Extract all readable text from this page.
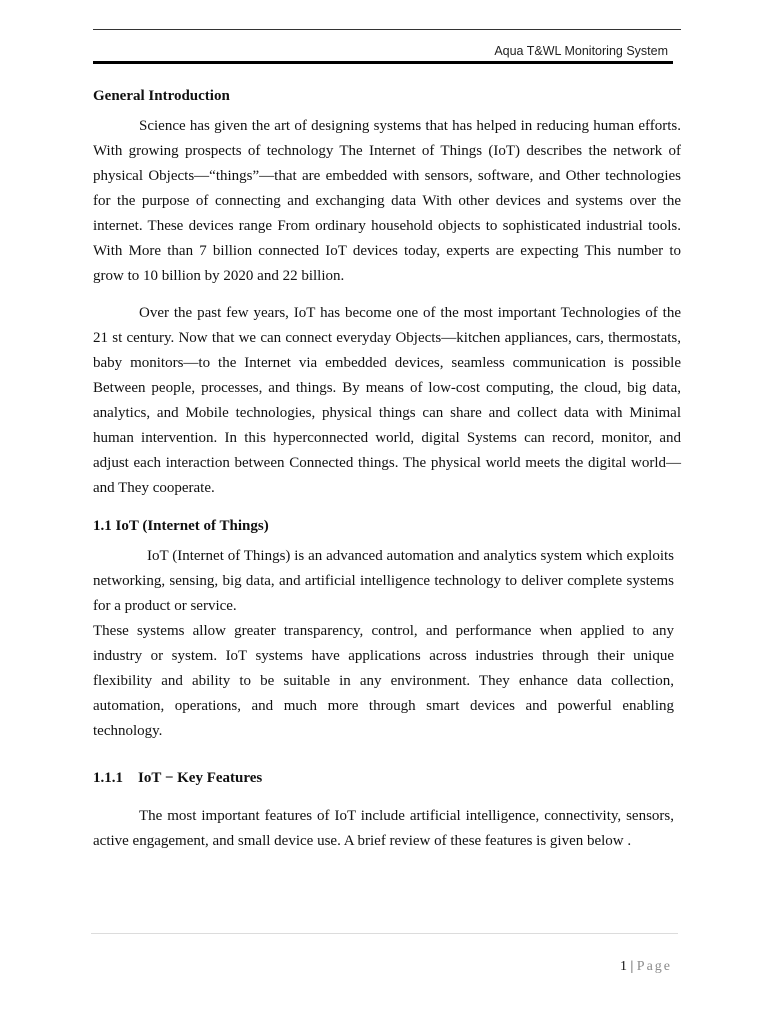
Aqua T&WL Monitoring System
General Introduction

Science has given the art of designing systems that has helped in reducing human efforts. With growing prospects of technology The Internet of Things (IoT) describes the network of physical Objects—“things”—that are embedded with sensors, software, and Other technologies for the purpose of connecting and exchanging data With other devices and systems over the internet. These devices range From ordinary household objects to sophisticated industrial tools. With More than 7 billion connected IoT devices today, experts are expecting This number to grow to 10 billion by 2020 and 22 billion.

Over the past few years, IoT has become one of the most important Technologies of the 21 st century. Now that we can connect everyday Objects—kitchen appliances, cars, thermostats, baby monitors—to the Internet via embedded devices, seamless communication is possible Between people, processes, and things. By means of low-cost computing, the cloud, big data, analytics, and Mobile technologies, physical things can share and collect data with Minimal human intervention. In this hyperconnected world, digital Systems can record, monitor, and adjust each interaction between Connected things. The physical world meets the digital world—and They cooperate.

1.1 IoT (Internet of Things)

IoT (Internet of Things) is an advanced automation and analytics system which exploits networking, sensing, big data, and artificial intelligence technology to deliver complete systems for a product or service.

These systems allow greater transparency, control, and performance when applied to any industry or system. IoT systems have applications across industries through their unique flexibility and ability to be suitable in any environment. They enhance data collection, automation, operations, and much more through smart devices and powerful enabling technology.

1.1.1 IoT − Key Features

The most important features of IoT include artificial intelligence, connectivity, sensors, active engagement, and small device use. A brief review of these features is given below .

1 | Page
